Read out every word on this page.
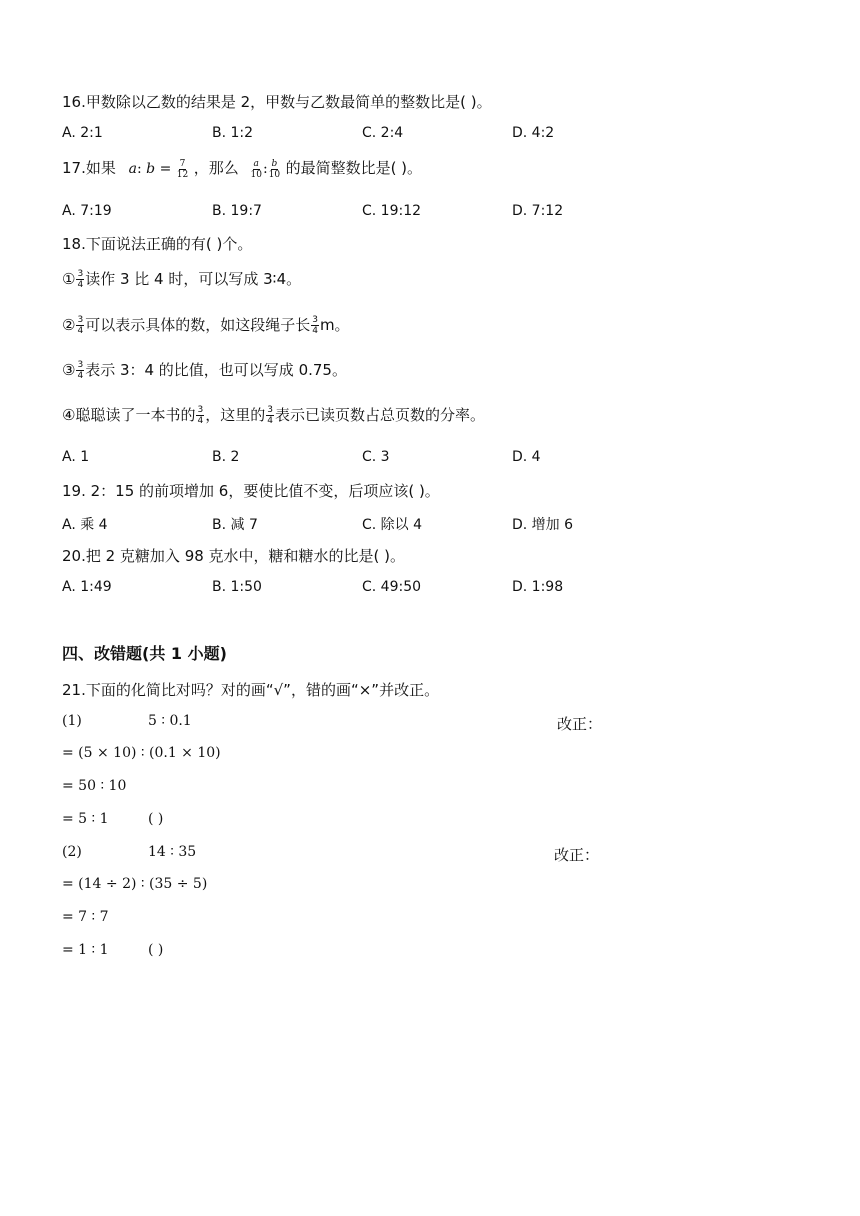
16.甲数除以乙数的结果是 2，甲数与乙数最简单的整数比是( )。
A. 2:1	B. 1:2	C. 2:4	D. 4:2
17.如果 a: $b = \frac{7}{12}$ ，那么 $\frac{a}{10}$ : $\frac{b}{10}$ 的最简整数比是( )。
A. 7:19	B. 19:7	C. 19:12	D. 7:12
18.下面说法正确的有( )个。
① $\frac{3}{4}$ 读作 3 比 4 时，可以写成 3∶4。
② $\frac{3}{4}$ 可以表示具体的数，如这段绳子长 $\frac{3}{4}$ m。
③ $\frac{3}{4}$ 表示 3：4 的比值，也可以写成 0.75。
④聪聪读了一本书的 $\frac{3}{4}$ ，这里的 $\frac{3}{4}$ 表示已读页数占总页数的分率。
A. 1	B. 2	C. 3	D. 4
19. 2：15 的前项增加 6，要使比值不变，后项应该( )。
A. 乘 4	B. 减 7	C. 除以 4	D. 增加 6
20.把 2 克糖加入 98 克水中，糖和糖水的比是( )。
A. 1:49	B. 1:50	C. 49:50	D. 1:98
四、改错题(共 1 小题)
21.下面的化简比对吗？对的画“√”，错的画“×”并改正。
(1)	5 ∶ 0.1	改正：
= (5 × 10) ∶ (0.1 × 10)
= 50 ∶ 10
= 5 ∶ 1	( )
(2)	14 ∶ 35	改正：
= (14 ÷ 2) ∶ (35 ÷ 5)
= 7 ∶ 7
= 1 ∶ 1	( )
